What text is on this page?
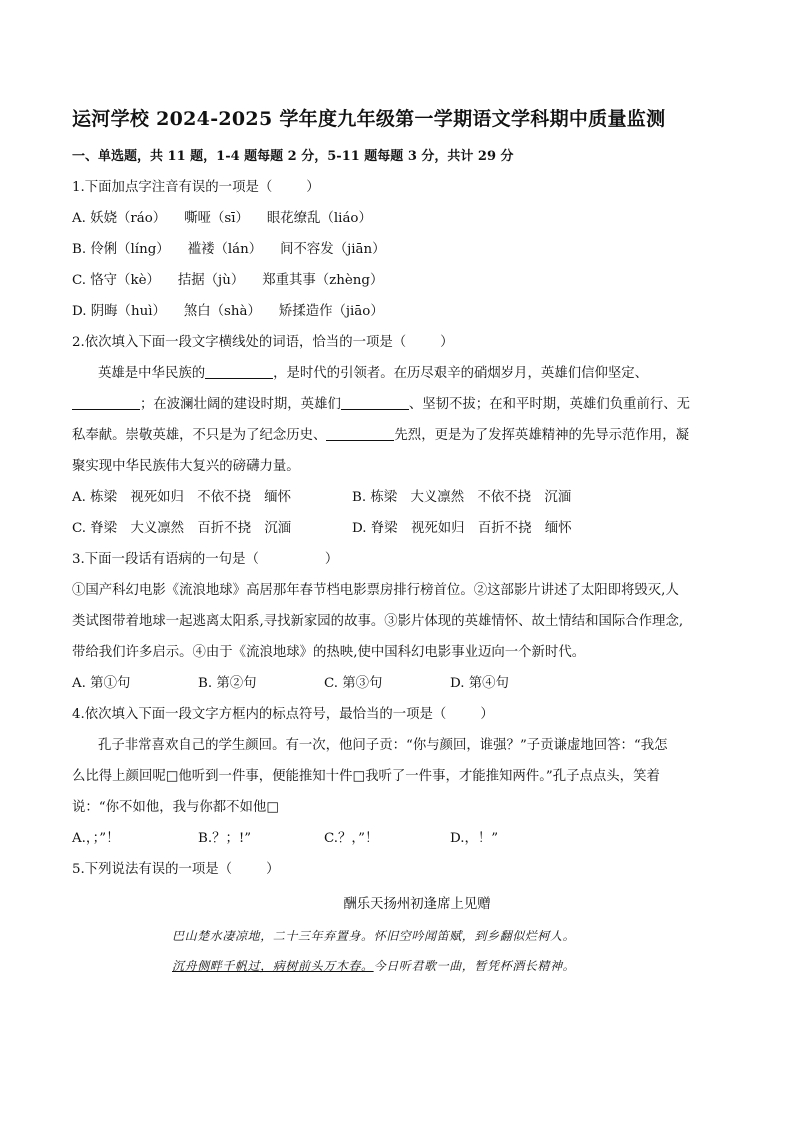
运河学校 2024-2025 学年度九年级第一学期语文学科期中质量监测
一、单选题，共 11 题，1-4 题每题 2 分，5-11 题每题 3 分，共计 29 分
1.下面加点字注音有误的一项是（	）
A. 妖娆（ráo） 嘶哑（sī） 眼花缭乱（liáo）
B. 伶俐（líng） 褴褛（lán） 间不容发（jiān）
C. 恪守（kè） 拮据（jù） 郑重其事（zhèng）
D. 阴晦（huì） 煞白（shà） 矫揉造作（jiāo）
2.依次填入下面一段文字横线处的词语，恰当的一项是（	）
英雄是中华民族的	，是时代的引领者。在历尽艰辛的硝烟岁月，英雄们信仰坚定、
；在波澜壮阔的建设时期，英雄们	、坚韧不拔；在和平时期，英雄们负重前行、无
私奉献。崇敬英雄，不只是为了纪念历史、	先烈，更是为了发挥英雄精神的先导示范作用，凝
聚实现中华民族伟大复兴的磅礴力量。
A. 栋梁　视死如归　不依不挠　缅怀	B. 栋梁　大义凛然　不依不挠　沉湎
C. 脊梁　大义凛然　百折不挠　沉湎	D. 脊梁　视死如归　百折不挠　缅怀
3.下面一段话有语病的一句是（	）
①国产科幻电影《流浪地球》高居那年春节档电影票房排行榜首位。②这部影片讲述了太阳即将毁灭,人
类试图带着地球一起逃离太阳系,寻找新家园的故事。③影片体现的英雄情怀、故土情结和国际合作理念,
带给我们许多启示。④由于《流浪地球》的热映,使中国科幻电影事业迈向一个新时代。
A. 第①句	B. 第②句	C. 第③句	D. 第④句
4.依次填入下面一段文字方框内的标点符号，最恰当的一项是（	）
孔子非常喜欢自己的学生颜回。有一次，他问子贡：“你与颜回，谁强？”子贡谦虚地回答：“我怎
么比得上颜回呢□他听到一件事，便能推知十件□我听了一件事，才能推知两件。”孔子点点头，笑着
说：“你不如他，我与你都不如他□
A.，；”！	B.？；!”	C.？，”！	D.，！”
5.下列说法有误的一项是（	）
酬乐天扬州初逢席上见赠
巴山楚水凄凉地，二十三年弃置身。怀旧空吟闻笛赋，到乡翻似烂柯人。
沉舟侧畔千帆过，病树前头万木春。今日听君歌一曲，暂凭杯酒长精神。
